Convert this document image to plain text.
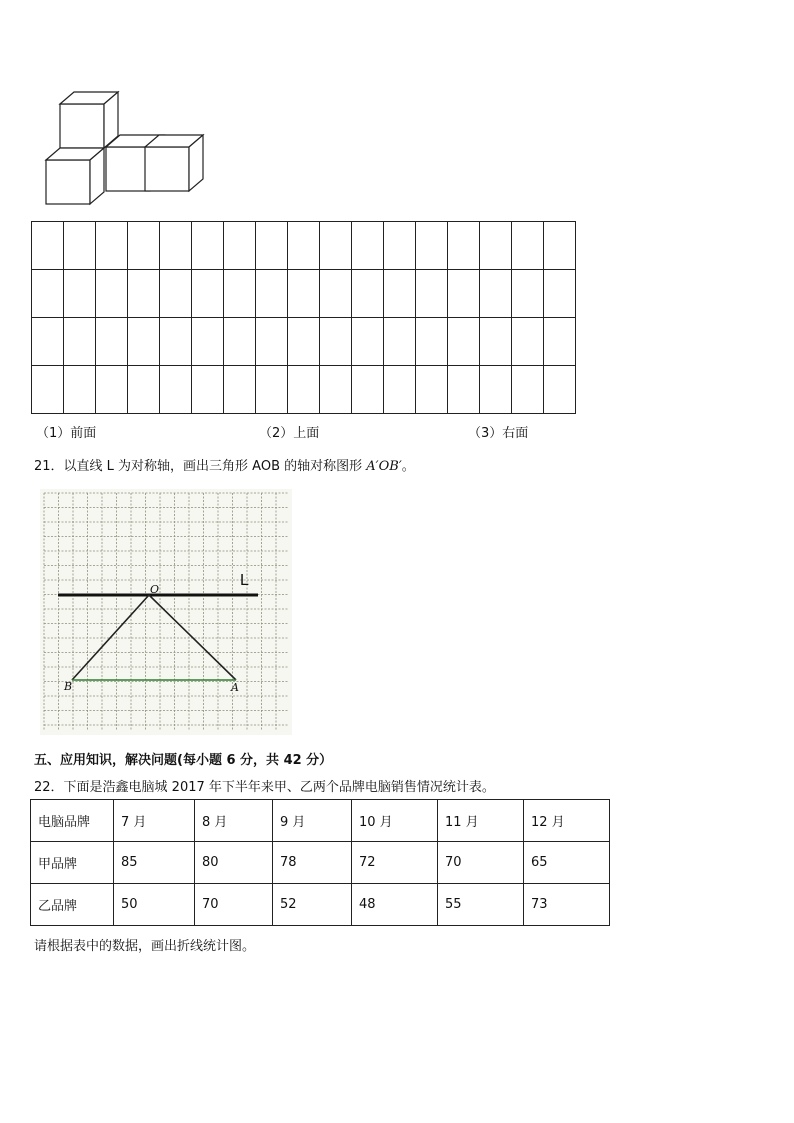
（1）前面	（2）上面	（3）右面
21．以直线 L 为对称轴，画出三角形 AOB 的轴对称图形 A′OB′。
L
O
B	A
五、应用知识，解决问题(每小题 6 分，共 42 分）
22．下面是浩鑫电脑城 2017 年下半年来甲、乙两个品牌电脑销售情况统计表。
电脑品牌	7 月	8 月	9 月	10 月	11 月	12 月
甲品牌	85	80	78	72	70	65
乙品牌	50	70	52	48	55	73
请根据表中的数据，画出折线统计图。
